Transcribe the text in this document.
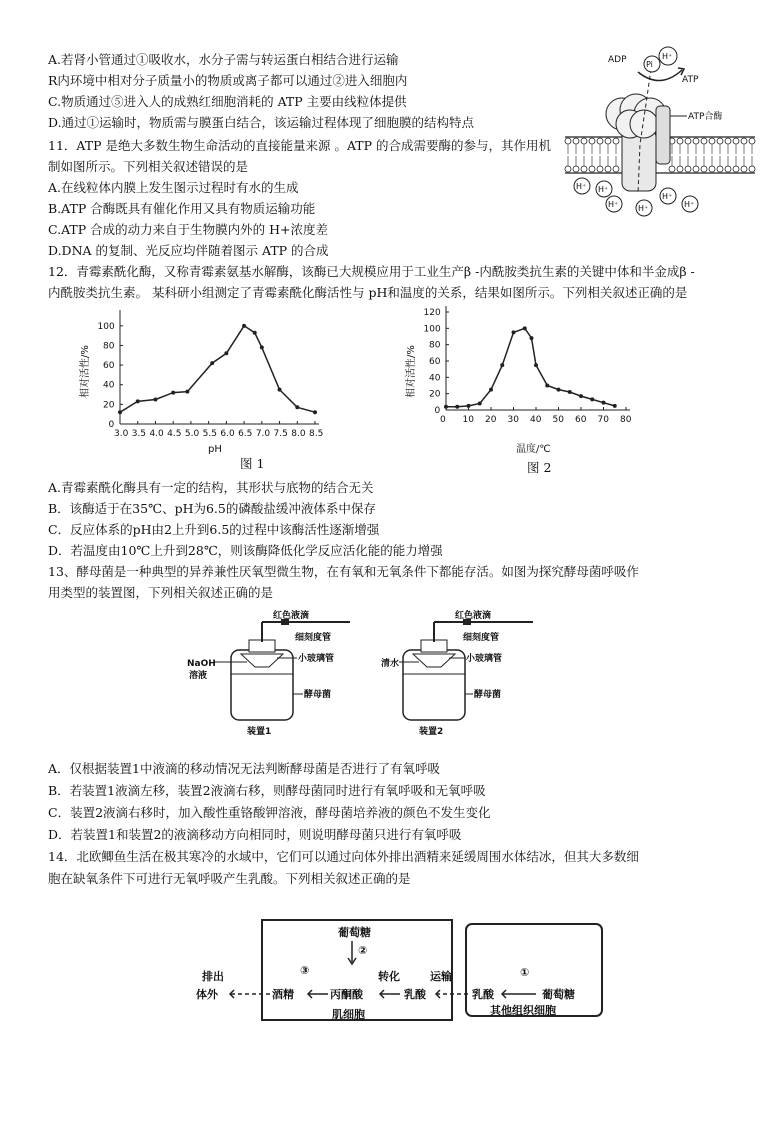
A.若肾小管通过①吸收水，水分子需与转运蛋白相结合进行运输
R内环境中相对分子质量小的物质或离子都可以通过②进入细胞内
C.物质通过⑤进入人的成熟红细胞消耗的 ATP 主要由线粒体提供
D.通过①运输时，物质需与膜蛋白结合，该运输过程体现了细胞膜的结构特点
11．ATP 是绝大多数生物生命活动的直接能量来源 。ATP 的合成需要酶的参与，其作用机
制如图所示。下列相关叙述错误的是
A.在线粒体内膜上发生图示过程时有水的生成
B.ATP 合酶既具有催化作用又具有物质运输功能
C.ATP 合成的动力来自于生物膜内外的 H+浓度差
D.DNA 的复制、光反应均伴随着图示 ATP 的合成
ADP Pi
H⁺
ATP
ATP合酶
H⁺
H⁺
H⁺ H⁺
H⁺
H⁺
12．青霉素酰化酶，又称青霉素氨基水解酶，该酶已大规模应用于工业生产β -内酰胺类抗生素的关键中体和半金成β -
内酰胺类抗生素。 某科研小组测定了青霉素酰化酶活性与 pH和温度的关系，结果如图所示。下列相关叙述正确的是
相对活性/%
pH
3.0 3.5 4.0 4.5 5.0 5.5 6.0 6.5 7.0 7.5 8.0 8.5
0
20
40
60
80
100
图 1
相对活性/%
温度/℃
0 10 20 30 40 50 60 70 80
0
20
40
60
80
100
120
图 2
A.青霉素酰化酶具有一定的结构，其形状与底物的结合无关
B．该酶适于在35℃、pH为6.5的磷酸盐缓冲液体系中保存
C．反应体系的pH由2上升到6.5的过程中该酶活性逐渐增强
D．若温度由10℃上升到28℃，则该酶降低化学反应活化能的能力增强
13、酵母菌是一种典型的异养兼性厌氧型微生物，在有氧和无氧条件下都能存活。如图为探究酵母菌呼吸作
用类型的装置图，下列相关叙述正确的是
红色液滴
细刻度管
小玻璃管
酵母菌
NaOH
溶液
装置1
红色液滴
细刻度管
小玻璃管
酵母菌
清水
装置2
A．仅根据装置1中液滴的移动情况无法判断酵母菌是否进行了有氧呼吸
B．若装置1液滴左移，装置2液滴右移，则酵母菌同时进行有氧呼吸和无氧呼吸
C．装置2液滴右移时，加入酸性重铬酸钾溶液，酵母菌培养液的颜色不发生变化
D．若装置1和装置2的液滴移动方向相同时，则说明酵母菌只进行有氧呼吸
14．北欧鲫鱼生活在极其寒冷的水域中，它们可以通过向体外排出酒精来延缓周围水体结冰，但其大多数细
胞在缺氧条件下可进行无氧呼吸产生乳酸。下列相关叙述正确的是
葡萄糖
②
排出
体外
③
酒精	丙酮酸
转化
乳酸
肌细胞
运输
乳酸
①
葡萄糖
其他组织细胞
